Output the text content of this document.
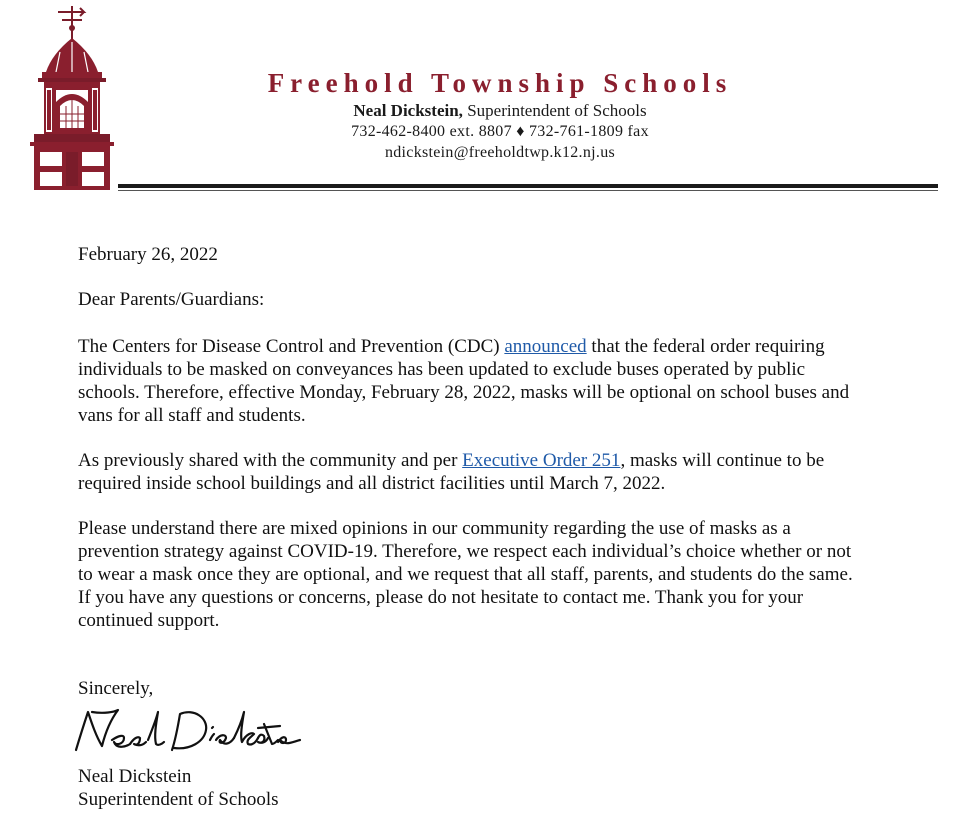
Freehold Township Schools
Neal Dickstein, Superintendent of Schools
732-462-8400 ext. 8807 ♦ 732-761-1809 fax
ndickstein@freeholdtwp.k12.nj.us
February 26, 2022
Dear Parents/Guardians:

The Centers for Disease Control and Prevention (CDC) announced that the federal order requiring individuals to be masked on conveyances has been updated to exclude buses operated by public schools. Therefore, effective Monday, February 28, 2022, masks will be optional on school buses and vans for all staff and students.

As previously shared with the community and per Executive Order 251, masks will continue to be required inside school buildings and all district facilities until March 7, 2022.

Please understand there are mixed opinions in our community regarding the use of masks as a prevention strategy against COVID-19. Therefore, we respect each individual’s choice whether or not to wear a mask once they are optional, and we request that all staff, parents, and students do the same. If you have any questions or concerns, please do not hesitate to contact me. Thank you for your continued support.

Sincerely,
Neal Dickstein
Superintendent of Schools
